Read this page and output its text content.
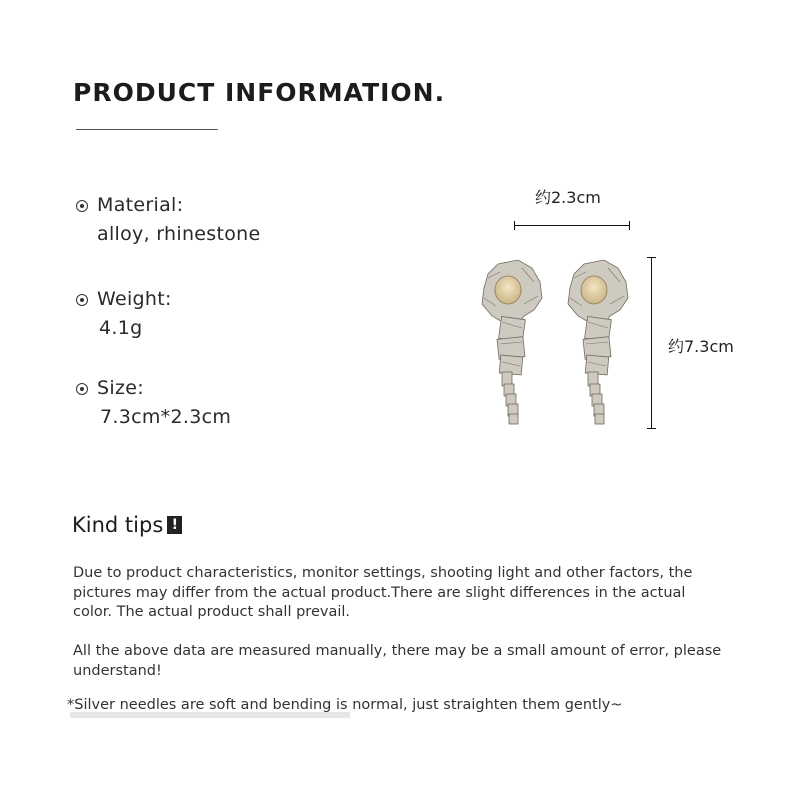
PRODUCT INFORMATION.
Material:
alloy, rhinestone
Weight:
4.1g
Size:
7.3cm*2.3cm
约2.3cm
约7.3cm
Kind tips !
Due to product characteristics, monitor settings, shooting light and other factors, the pictures may differ from the actual product.There are slight differences in the actual color. The actual product shall prevail.
All the above data are measured manually, there may be a small amount of error, please understand!
*Silver needles are soft and bending is normal, just straighten them gently~
